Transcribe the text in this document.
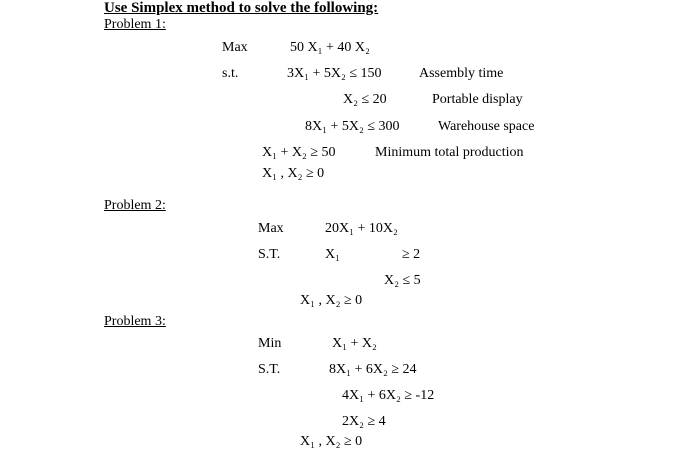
Use Simplex method to solve the following:
Problem 1:
Max	50 X₁ + 40 X₂
s.t.	3X₁ + 5X₂ ≤ 150	Assembly time
X₂ ≤ 20	Portable display
8X₁ + 5X₂ ≤ 300	Warehouse space
X₁ + X₂ ≥ 50	Minimum total production
X₁ , X₂ ≥ 0
Problem 2:
Max	20X₁ + 10X₂
S.T.	X₁	≥ 2
X₂ ≤ 5
X₁ , X₂ ≥ 0
Problem 3:
Min	X₁ + X₂
S.T.	8X₁ + 6X₂ ≥ 24
4X₁ + 6X₂ ≥ -12
2X₂ ≥ 4
X₁ , X₂ ≥ 0
